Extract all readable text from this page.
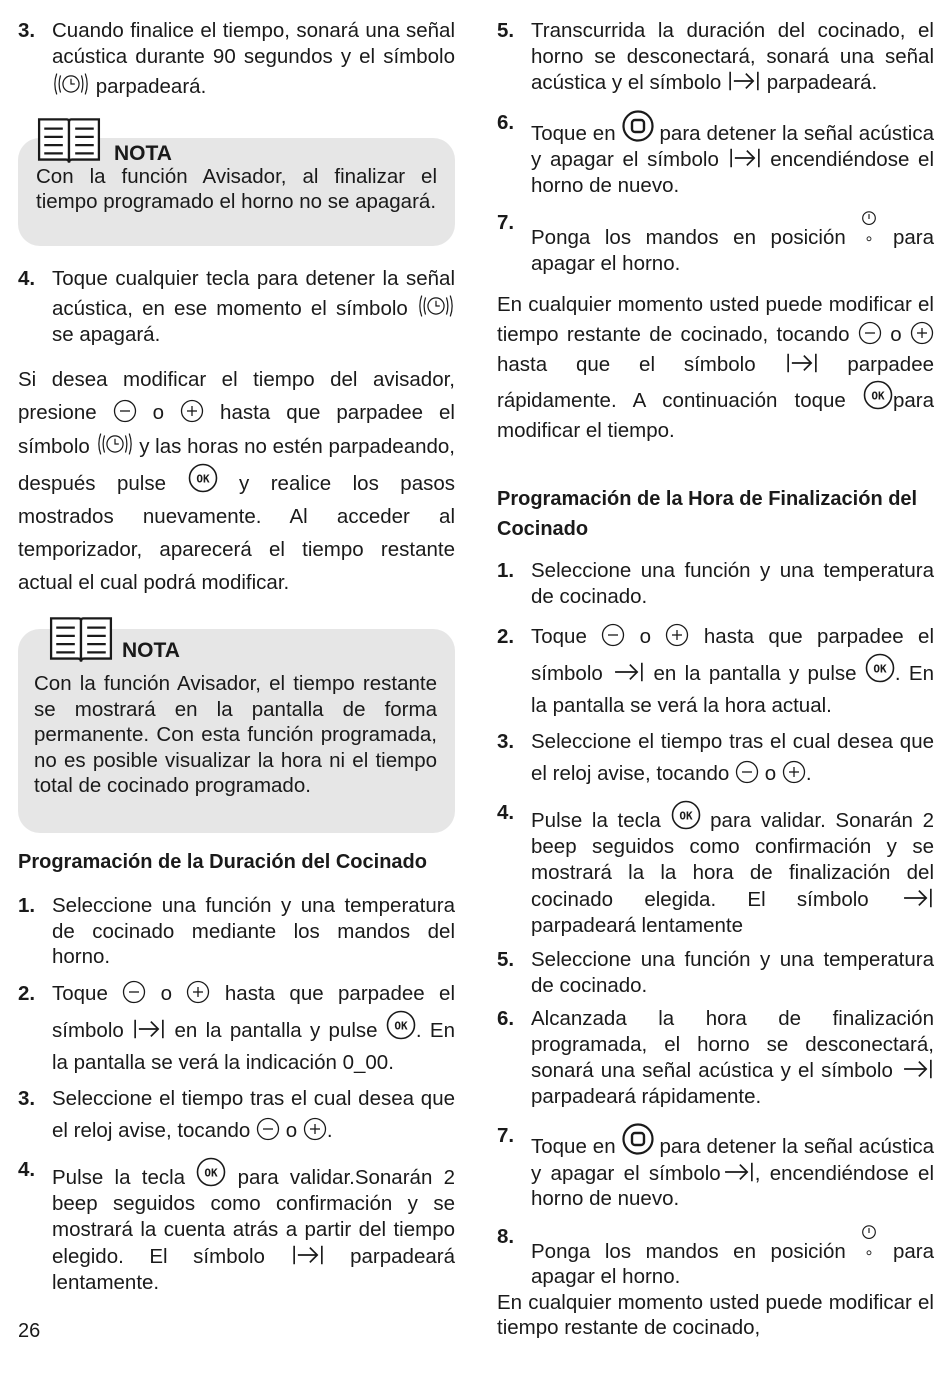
3. Cuando finalice el tiempo, sonará una señal acústica durante 90 segundos y el símbolo  parpadeará.
NOTA

Con la función Avisador, al finalizar el tiempo programado el horno no se apagará.

4. Toque cualquier tecla para detener la señal acústica, en ese momento el símbolo  se apagará.

Si desea modificar el tiempo del avisador, presione	o	hasta que parpadee el símbolo y las horas no estén parpadeando, después pulse	y realice los pasos mostrados nuevamente. Al acceder al temporizador, aparecerá el tiempo restante actual el cual podrá modificar.

NOTA

Con la función Avisador, el tiempo restante se mostrará en la pantalla de forma permanente. Con esta función programada, no es posible visualizar la hora ni el tiempo total de cocinado programado.

Programación de la Duración del Cocinado
1. Seleccione una función y una temperatura de cocinado mediante los mandos del horno.
2. Toque	o	hasta que parpadee el símbolo en la pantalla y pulse . En la pantalla se verá la indicación 0_00.
3. Seleccione el tiempo tras el cual desea que el reloj avise, tocando o .
4. Pulse la tecla	para validar.Sonarán 2 beep seguidos como confirmación y se mostrará la cuenta atrás a partir del tiempo elegido. El símbolo	parpadeará lentamente.
5. Transcurrida la duración del cocinado, el horno se desconectará, sonará una señal acústica y el símbolo parpadeará.
6. Toque en para detener la señal acústica y apagar el símbolo	encendiéndose el horno de nuevo.
7.
Ponga los mandos en posición para apagar el horno.

En cualquier momento usted puede modificar el tiempo restante de cocinado, tocando o  hasta que el símbolo	parpadee rápidamente. A continuación toque para modificar el tiempo.

Programación de la Hora de Finalización del Cocinado
1. Seleccione una función y una temperatura de cocinado.
2. Toque	o	hasta que parpadee el símbolo en la pantalla y pulse . En la pantalla se verá la hora actual.
3. Seleccione el tiempo tras el cual desea que el reloj avise, tocando o .
4. Pulse la tecla para validar. Sonarán 2 beep seguidos como confirmación y se mostrará la la hora de finalización del cocinado elegida. El símbolo  parpadeará lentamente
5. Seleccione una función y una temperatura de cocinado.
6. Alcanzada la hora de finalización programada, el horno se desconectará, sonará una señal acústica y el símbolo  parpadeará rápidamente.
7. Toque en para detener la señal acústica y apagar el símbolo , encendiéndose el horno de nuevo.
8.
Ponga los mandos en posición para apagar el horno.

En cualquier momento usted puede modificar el tiempo restante de cocinado,

26
